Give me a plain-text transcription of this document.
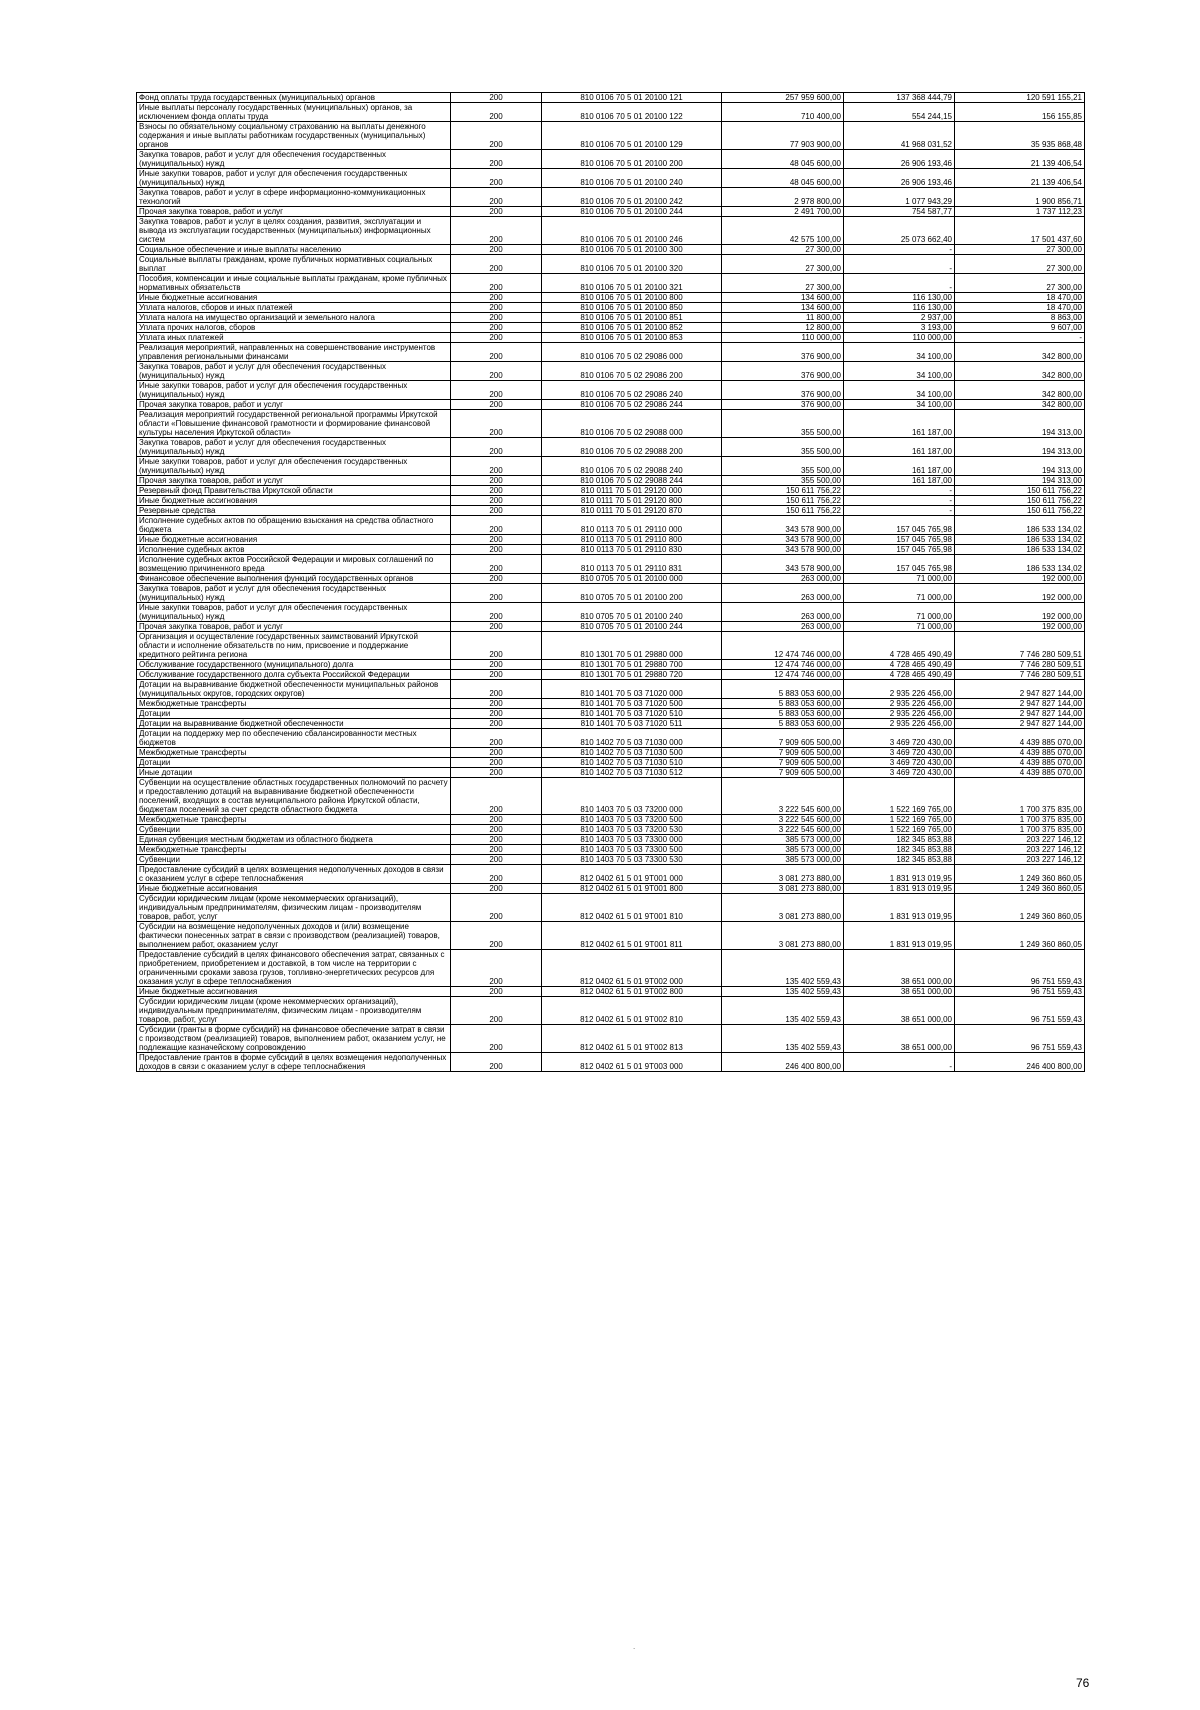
Фонд оплаты труда государственных (муниципальных) органов	200	810 0106 70 5 01 20100 121	257 959 600,00	137 368 444,79	120 591 155,21
Иные выплаты персоналу государственных (муниципальных) органов, за исключением фонда оплаты труда	200	810 0106 70 5 01 20100 122	710 400,00	554 244,15	156 155,85
Взносы по обязательному социальному страхованию на выплаты денежного содержания и иные выплаты работникам государственных (муниципальных) органов	200	810 0106 70 5 01 20100 129	77 903 900,00	41 968 031,52	35 935 868,48
Закупка товаров, работ и услуг для обеспечения государственных (муниципальных) нужд	200	810 0106 70 5 01 20100 200	48 045 600,00	26 906 193,46	21 139 406,54
Иные закупки товаров, работ и услуг для обеспечения государственных (муниципальных) нужд	200	810 0106 70 5 01 20100 240	48 045 600,00	26 906 193,46	21 139 406,54
Закупка товаров, работ и услуг в сфере информационно-коммуникационных технологий	200	810 0106 70 5 01 20100 242	2 978 800,00	1 077 943,29	1 900 856,71
Прочая закупка товаров, работ и услуг	200	810 0106 70 5 01 20100 244	2 491 700,00	754 587,77	1 737 112,23
Закупка товаров, работ и услуг в целях создания, развития, эксплуатации и вывода из эксплуатации государственных (муниципальных) информационных систем	200	810 0106 70 5 01 20100 246	42 575 100,00	25 073 662,40	17 501 437,60
Социальное обеспечение и иные выплаты населению	200	810 0106 70 5 01 20100 300	27 300,00	-	27 300,00
Социальные выплаты гражданам, кроме публичных нормативных социальных выплат	200	810 0106 70 5 01 20100 320	27 300,00	-	27 300,00
Пособия, компенсации и иные социальные выплаты гражданам, кроме публичных нормативных обязательств	200	810 0106 70 5 01 20100 321	27 300,00	-	27 300,00
Иные бюджетные ассигнования	200	810 0106 70 5 01 20100 800	134 600,00	116 130,00	18 470,00
Уплата налогов, сборов и иных платежей	200	810 0106 70 5 01 20100 850	134 600,00	116 130,00	18 470,00
Уплата налога на имущество организаций и земельного налога	200	810 0106 70 5 01 20100 851	11 800,00	2 937,00	8 863,00
Уплата прочих налогов, сборов	200	810 0106 70 5 01 20100 852	12 800,00	3 193,00	9 607,00
Уплата иных платежей	200	810 0106 70 5 01 20100 853	110 000,00	110 000,00	-
Реализация мероприятий, направленных на совершенствование инструментов управления региональными финансами	200	810 0106 70 5 02 29086 000	376 900,00	34 100,00	342 800,00
Закупка товаров, работ и услуг для обеспечения государственных (муниципальных) нужд	200	810 0106 70 5 02 29086 200	376 900,00	34 100,00	342 800,00
Иные закупки товаров, работ и услуг для обеспечения государственных (муниципальных) нужд	200	810 0106 70 5 02 29086 240	376 900,00	34 100,00	342 800,00
Прочая закупка товаров, работ и услуг	200	810 0106 70 5 02 29086 244	376 900,00	34 100,00	342 800,00
Реализация мероприятий государственной региональной программы Иркутской области «Повышение финансовой грамотности и формирование финансовой культуры населения Иркутской области»	200	810 0106 70 5 02 29088 000	355 500,00	161 187,00	194 313,00
Закупка товаров, работ и услуг для обеспечения государственных (муниципальных) нужд	200	810 0106 70 5 02 29088 200	355 500,00	161 187,00	194 313,00
Иные закупки товаров, работ и услуг для обеспечения государственных (муниципальных) нужд	200	810 0106 70 5 02 29088 240	355 500,00	161 187,00	194 313,00
Прочая закупка товаров, работ и услуг	200	810 0106 70 5 02 29088 244	355 500,00	161 187,00	194 313,00
Резервный фонд Правительства Иркутской области	200	810 0111 70 5 01 29120 000	150 611 756,22	-	150 611 756,22
Иные бюджетные ассигнования	200	810 0111 70 5 01 29120 800	150 611 756,22	-	150 611 756,22
Резервные средства	200	810 0111 70 5 01 29120 870	150 611 756,22	-	150 611 756,22
Исполнение судебных актов по обращению взыскания на средства областного бюджета	200	810 0113 70 5 01 29110 000	343 578 900,00	157 045 765,98	186 533 134,02
Иные бюджетные ассигнования	200	810 0113 70 5 01 29110 800	343 578 900,00	157 045 765,98	186 533 134,02
Исполнение судебных актов	200	810 0113 70 5 01 29110 830	343 578 900,00	157 045 765,98	186 533 134,02
Исполнение судебных актов Российской Федерации и мировых соглашений по возмещению причиненного вреда	200	810 0113 70 5 01 29110 831	343 578 900,00	157 045 765,98	186 533 134,02
Финансовое обеспечение выполнения функций государственных органов	200	810 0705 70 5 01 20100 000	263 000,00	71 000,00	192 000,00
Закупка товаров, работ и услуг для обеспечения государственных (муниципальных) нужд	200	810 0705 70 5 01 20100 200	263 000,00	71 000,00	192 000,00
Иные закупки товаров, работ и услуг для обеспечения государственных (муниципальных) нужд	200	810 0705 70 5 01 20100 240	263 000,00	71 000,00	192 000,00
Прочая закупка товаров, работ и услуг	200	810 0705 70 5 01 20100 244	263 000,00	71 000,00	192 000,00
Организация и осуществление государственных заимствований Иркутской области и исполнение обязательств по ним, присвоение и поддержание кредитного рейтинга региона	200	810 1301 70 5 01 29880 000	12 474 746 000,00	4 728 465 490,49	7 746 280 509,51
Обслуживание государственного (муниципального) долга	200	810 1301 70 5 01 29880 700	12 474 746 000,00	4 728 465 490,49	7 746 280 509,51
Обслуживание государственного долга субъекта Российской Федерации	200	810 1301 70 5 01 29880 720	12 474 746 000,00	4 728 465 490,49	7 746 280 509,51
Дотации на выравнивание бюджетной обеспеченности муниципальных районов (муниципальных округов, городских округов)	200	810 1401 70 5 03 71020 000	5 883 053 600,00	2 935 226 456,00	2 947 827 144,00
Межбюджетные трансферты	200	810 1401 70 5 03 71020 500	5 883 053 600,00	2 935 226 456,00	2 947 827 144,00
Дотации	200	810 1401 70 5 03 71020 510	5 883 053 600,00	2 935 226 456,00	2 947 827 144,00
Дотации на выравнивание бюджетной обеспеченности	200	810 1401 70 5 03 71020 511	5 883 053 600,00	2 935 226 456,00	2 947 827 144,00
Дотации на поддержку мер по обеспечению сбалансированности местных бюджетов	200	810 1402 70 5 03 71030 000	7 909 605 500,00	3 469 720 430,00	4 439 885 070,00
Межбюджетные трансферты	200	810 1402 70 5 03 71030 500	7 909 605 500,00	3 469 720 430,00	4 439 885 070,00
Дотации	200	810 1402 70 5 03 71030 510	7 909 605 500,00	3 469 720 430,00	4 439 885 070,00
Иные дотации	200	810 1402 70 5 03 71030 512	7 909 605 500,00	3 469 720 430,00	4 439 885 070,00
Субвенции на осуществление областных государственных полномочий по расчету и предоставлению дотаций на выравнивание бюджетной обеспеченности поселений, входящих в состав муниципального района Иркутской области, бюджетам поселений за счет средств областного бюджета	200	810 1403 70 5 03 73200 000	3 222 545 600,00	1 522 169 765,00	1 700 375 835,00
Межбюджетные трансферты	200	810 1403 70 5 03 73200 500	3 222 545 600,00	1 522 169 765,00	1 700 375 835,00
Субвенции	200	810 1403 70 5 03 73200 530	3 222 545 600,00	1 522 169 765,00	1 700 375 835,00
Единая субвенция местным бюджетам из областного бюджета	200	810 1403 70 5 03 73300 000	385 573 000,00	182 345 853,88	203 227 146,12
Межбюджетные трансферты	200	810 1403 70 5 03 73300 500	385 573 000,00	182 345 853,88	203 227 146,12
Субвенции	200	810 1403 70 5 03 73300 530	385 573 000,00	182 345 853,88	203 227 146,12
Предоставление субсидий в целях возмещения недополученных доходов в связи с оказанием услуг в сфере теплоснабжения	200	812 0402 61 5 01 9Т001 000	3 081 273 880,00	1 831 913 019,95	1 249 360 860,05
Иные бюджетные ассигнования	200	812 0402 61 5 01 9Т001 800	3 081 273 880,00	1 831 913 019,95	1 249 360 860,05
Субсидии юридическим лицам (кроме некоммерческих организаций), индивидуальным предпринимателям, физическим лицам - производителям товаров, работ, услуг	200	812 0402 61 5 01 9Т001 810	3 081 273 880,00	1 831 913 019,95	1 249 360 860,05
Субсидии на возмещение недополученных доходов и (или) возмещение фактически понесенных затрат в связи с производством (реализацией) товаров, выполнением работ, оказанием услуг	200	812 0402 61 5 01 9Т001 811	3 081 273 880,00	1 831 913 019,95	1 249 360 860,05
Предоставление субсидий в целях финансового обеспечения затрат, связанных с приобретением, приобретением и доставкой, в том числе на территории с ограниченными сроками завоза грузов, топливно-энергетических ресурсов для оказания услуг в сфере теплоснабжения	200	812 0402 61 5 01 9Т002 000	135 402 559,43	38 651 000,00	96 751 559,43
Иные бюджетные ассигнования	200	812 0402 61 5 01 9Т002 800	135 402 559,43	38 651 000,00	96 751 559,43
Субсидии юридическим лицам (кроме некоммерческих организаций), индивидуальным предпринимателям, физическим лицам - производителям товаров, работ, услуг	200	812 0402 61 5 01 9Т002 810	135 402 559,43	38 651 000,00	96 751 559,43
Субсидии (гранты в форме субсидий) на финансовое обеспечение затрат в связи с производством (реализацией) товаров, выполнением работ, оказанием услуг, не подлежащие казначейскому сопровождению	200	812 0402 61 5 01 9Т002 813	135 402 559,43	38 651 000,00	96 751 559,43
Предоставление грантов в форме субсидий в целях возмещения недополученных доходов в связи с оказанием услуг в сфере теплоснабжения	200	812 0402 61 5 01 9Т003 000	246 400 800,00	-	246 400 800,00
.
76
